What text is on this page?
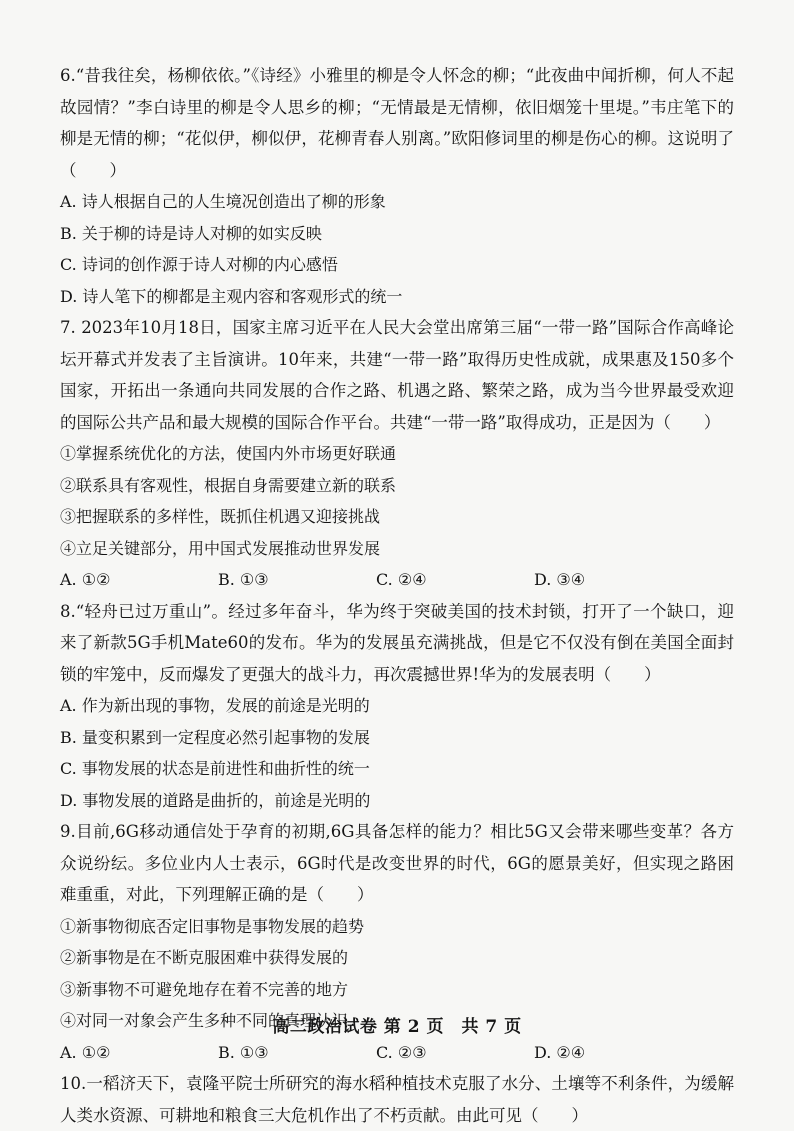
6.“昔我往矣，杨柳依依。”《诗经》小雅里的柳是令人怀念的柳；“此夜曲中闻折柳，何人不起故园情？”李白诗里的柳是令人思乡的柳；“无情最是无情柳，依旧烟笼十里堤。”韦庄笔下的柳是无情的柳；“花似伊，柳似伊，花柳青春人别离。”欧阳修词里的柳是伤心的柳。这说明了（　　）

A. 诗人根据自己的人生境况创造出了柳的形象
B. 关于柳的诗是诗人对柳的如实反映
C. 诗词的创作源于诗人对柳的内心感悟
D. 诗人笔下的柳都是主观内容和客观形式的统一

7. 2023年10月18日，国家主席习近平在人民大会堂出席第三届“一带一路”国际合作高峰论坛开幕式并发表了主旨演讲。10年来，共建“一带一路”取得历史性成就，成果惠及150多个国家，开拓出一条通向共同发展的合作之路、机遇之路、繁荣之路，成为当今世界最受欢迎的国际公共产品和最大规模的国际合作平台。共建“一带一路”取得成功，正是因为（　　）

①掌握系统优化的方法，使国内外市场更好联通
②联系具有客观性，根据自身需要建立新的联系
③把握联系的多样性，既抓住机遇又迎接挑战
④立足关键部分，用中国式发展推动世界发展
A. ①②	B. ①③	C. ②④	D. ③④

8.“轻舟已过万重山”。经过多年奋斗，华为终于突破美国的技术封锁，打开了一个缺口，迎来了新款5G手机Mate60的发布。华为的发展虽充满挑战，但是它不仅没有倒在美国全面封锁的牢笼中，反而爆发了更强大的战斗力，再次震撼世界!华为的发展表明（　　）

A. 作为新出现的事物，发展的前途是光明的
B. 量变积累到一定程度必然引起事物的发展
C. 事物发展的状态是前进性和曲折性的统一
D. 事物发展的道路是曲折的，前途是光明的

9.目前,6G移动通信处于孕育的初期,6G具备怎样的能力？相比5G又会带来哪些变革？各方众说纷纭。多位业内人士表示，6G时代是改变世界的时代，6G的愿景美好，但实现之路困难重重，对此，下列理解正确的是（　　）

①新事物彻底否定旧事物是事物发展的趋势
②新事物是在不断克服困难中获得发展的
③新事物不可避免地存在着不完善的地方
④对同一对象会产生多种不同的真理认识
A. ①②	B. ①③	C. ②③	D. ②④

10.一稻济天下，袁隆平院士所研究的海水稻种植技术克服了水分、土壤等不利条件，为缓解人类水资源、可耕地和粮食三大危机作出了不朽贡献。由此可见（　　）

高二政治试卷 第 2 页　共 7 页
